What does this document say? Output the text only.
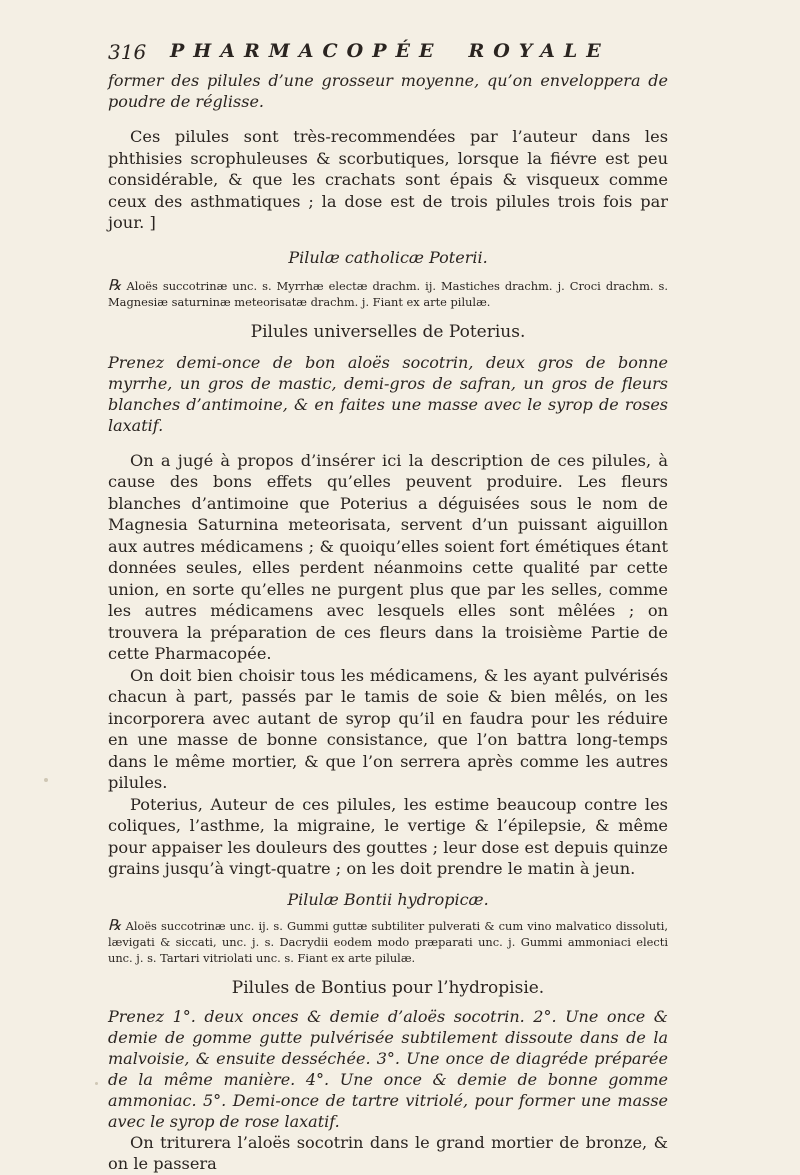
316 PHARMACOPÉE ROYALE

former des pilules d’une grosseur moyenne, qu’on enveloppera de poudre de réglisse.

Ces pilules sont très-recommendées par l’auteur dans les phthisies scrophuleuses & scorbutiques, lorsque la fiévre est peu considérable, & que les crachats sont épais & visqueux comme ceux des asthmatiques ; la dose est de trois pilules trois fois par jour. ]

Pilulæ catholicæ Poterii.

℞ Aloës succotrinæ unc. s. Myrrhæ electæ drachm. ij. Mastiches drachm. j. Croci drachm. s. Magnesiæ saturninæ meteorisatæ drachm. j. Fiant ex arte pilulæ.

Pilules universelles de Poterius.

Prenez demi-once de bon aloës socotrin, deux gros de bonne myrrhe, un gros de mastic, demi-gros de safran, un gros de fleurs blanches d’antimoine, & en faites une masse avec le syrop de roses laxatif.

On a jugé à propos d’insérer ici la description de ces pilules, à cause des bons effets qu’elles peuvent produire. Les fleurs blanches d’antimoine que Poterius a déguisées sous le nom de Magnesia Saturnina meteorisata, servent d’un puissant aiguillon aux autres médicamens ; & quoiqu’elles soient fort émétiques étant données seules, elles perdent néanmoins cette qualité par cette union, en sorte qu’elles ne purgent plus que par les selles, comme les autres médicamens avec lesquels elles sont mêlées ; on trouvera la préparation de ces fleurs dans la troisième Partie de cette Pharmacopée.

On doit bien choisir tous les médicamens, & les ayant pulvérisés chacun à part, passés par le tamis de soie & bien mêlés, on les incorporera avec autant de syrop qu’il en faudra pour les réduire en une masse de bonne consistance, que l’on battra long-temps dans le même mortier, & que l’on serrera après comme les autres pilules.

Poterius, Auteur de ces pilules, les estime beaucoup contre les coliques, l’asthme, la migraine, le vertige & l’épilepsie, & même pour appaiser les douleurs des gouttes ; leur dose est depuis quinze grains jusqu’à vingt-quatre ; on les doit prendre le matin à jeun.

Pilulæ Bontii hydropicæ.

℞ Aloës succotrinæ unc. ij. s. Gummi guttæ subtiliter pulverati & cum vino malvatico dissoluti, lævigati & siccati, unc. j. s. Dacrydii eodem modo præparati unc. j. Gummi ammoniaci electi unc. j. s. Tartari vitriolati unc. s. Fiant ex arte pilulæ.

Pilules de Bontius pour l’hydropisie.

Prenez 1°. deux onces & demie d’aloës socotrin. 2°. Une once & demie de gomme gutte pulvérisée subtilement dissoute dans de la malvoisie, & ensuite desséchée. 3°. Une once de diagréde préparée de la même manière. 4°. Une once & demie de bonne gomme ammoniac. 5°. Demi-once de tartre vitriolé, pour former une masse avec le syrop de rose laxatif.

On triturera l’aloës socotrin dans le grand mortier de bronze, & on le passera
